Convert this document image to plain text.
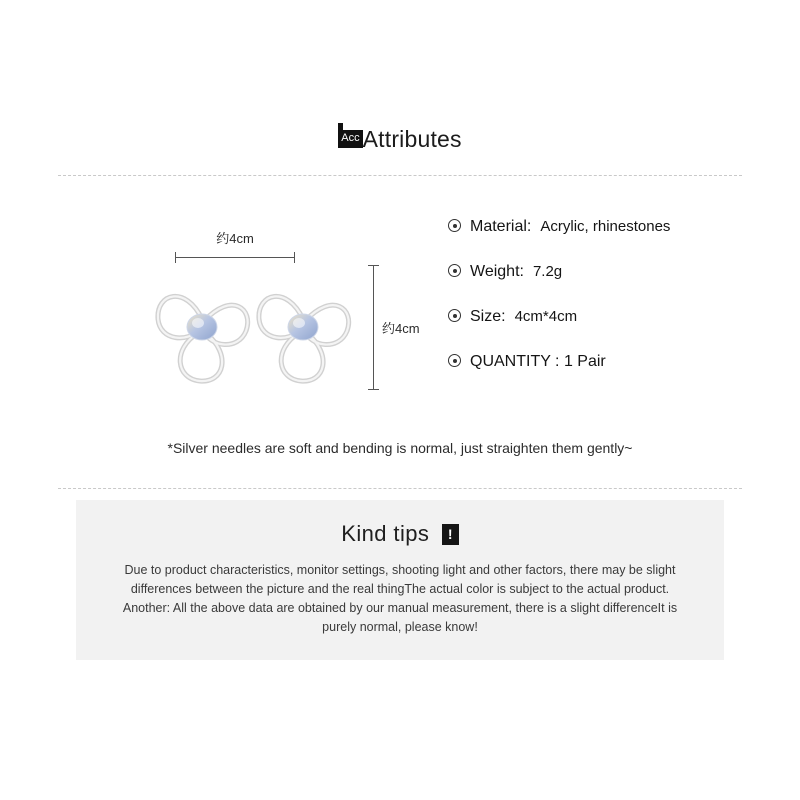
Acc Attributes
约4cm
约4cm
Material: Acrylic, rhinestones
Weight: 7.2g
Size: 4cm*4cm
QUANTITY : 1 Pair
*Silver needles are soft and bending is normal, just straighten them gently~
Kind tips !
Due to product characteristics, monitor settings, shooting light and other factors, there may be slight differences between the picture and the real thingThe actual color is subject to the actual product. Another: All the above data are obtained by our manual measurement, there is a slight differenceIt is purely normal, please know!
